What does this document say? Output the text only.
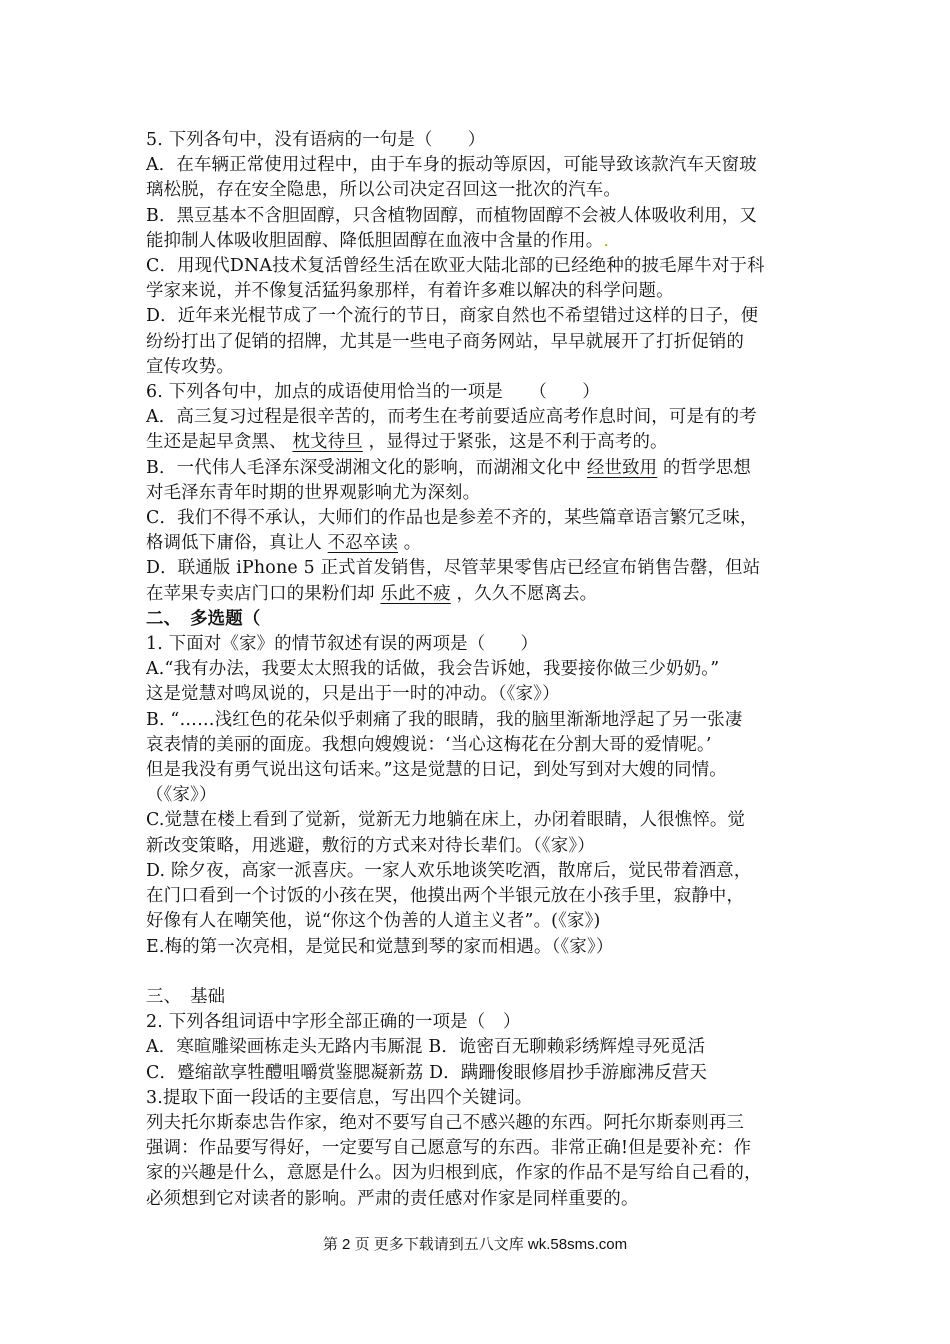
5. 下列各句中，没有语病的一句是（　　）
A．在车辆正常使用过程中，由于车身的振动等原因，可能导致该款汽车天窗玻
璃松脱，存在安全隐患，所以公司决定召回这一批次的汽车。
B．黑豆基本不含胆固醇，只含植物固醇，而植物固醇不会被人体吸收利用，又
能抑制人体吸收胆固醇、降低胆固醇在血液中含量的作用。.
C．用现代DNA技术复活曾经生活在欧亚大陆北部的已经绝种的披毛犀牛对于科
学家来说，并不像复活猛犸象那样，有着许多难以解决的科学问题。
D．近年来光棍节成了一个流行的节日，商家自然也不希望错过这样的日子，便
纷纷打出了促销的招牌，尤其是一些电子商务网站，早早就展开了打折促销的
宣传攻势。
6. 下列各句中，加点的成语使用恰当的一项是　　（　　）
A．高三复习过程是很辛苦的，而考生在考前要适应高考作息时间，可是有的考
生还是起早贪黑、 枕戈待旦 ，显得过于紧张，这是不利于高考的。
B．一代伟人毛泽东深受湖湘文化的影响，而湖湘文化中 经世致用 的哲学思想
对毛泽东青年时期的世界观影响尤为深刻。
C．我们不得不承认，大师们的作品也是参差不齐的，某些篇章语言繁冗乏味，
格调低下庸俗，真让人 不忍卒读 。
D．联通版 iPhone 5 正式首发销售，尽管苹果零售店已经宣布销售告罄，但站
在苹果专卖店门口的果粉们却 乐此不疲 ，久久不愿离去。
二、　多选题（
1. 下面对《家》的情节叙述有误的两项是（　　）
A.“我有办法，我要太太照我的话做，我会告诉她，我要接你做三少奶奶。”
这是觉慧对鸣凤说的，只是出于一时的冲动。（《家》）
B. “……浅红色的花朵似乎刺痛了我的眼睛，我的脑里渐渐地浮起了另一张凄
哀表情的美丽的面庞。我想向嫂嫂说：‘当心这梅花在分割大哥的爱情呢。’
但是我没有勇气说出这句话来。”这是觉慧的日记，到处写到对大嫂的同情。
（《家》）
C.觉慧在楼上看到了觉新，觉新无力地躺在床上，办闭着眼睛，人很憔悴。觉
新改变策略，用逃避，敷衍的方式来对待长辈们。（《家》）
D. 除夕夜，高家一派喜庆。一家人欢乐地谈笑吃酒，散席后，觉民带着酒意，
在门口看到一个讨饭的小孩在哭，他摸出两个半银元放在小孩手里，寂静中，
好像有人在嘲笑他，说“你这个伪善的人道主义者”。(《家》)
E.梅的第一次亮相，是觉民和觉慧到琴的家而相遇。（《家》）
三、　基础
2. 下列各组词语中字形全部正确的一项是（　）
A．寒暄雕梁画栋走头无路内韦厮混 B．诡密百无聊赖彩绣辉煌寻死觅活
C．蹙缩歆享牲醴咀嚼赏鉴腮凝新荔 D．蹒跚俊眼修眉抄手游廊沸反营天
3.提取下面一段话的主要信息，写出四个关键词。
列夫托尔斯泰忠告作家，绝对不要写自己不感兴趣的东西。阿托尔斯泰则再三
强调：作品要写得好，一定要写自己愿意写的东西。非常正确!但是要补充：作
家的兴趣是什么，意愿是什么。因为归根到底，作家的作品不是写给自己看的，
必须想到它对读者的影响。严肃的责任感对作家是同样重要的。
第 2 页 更多下载请到五八文库 wk.58sms.com
